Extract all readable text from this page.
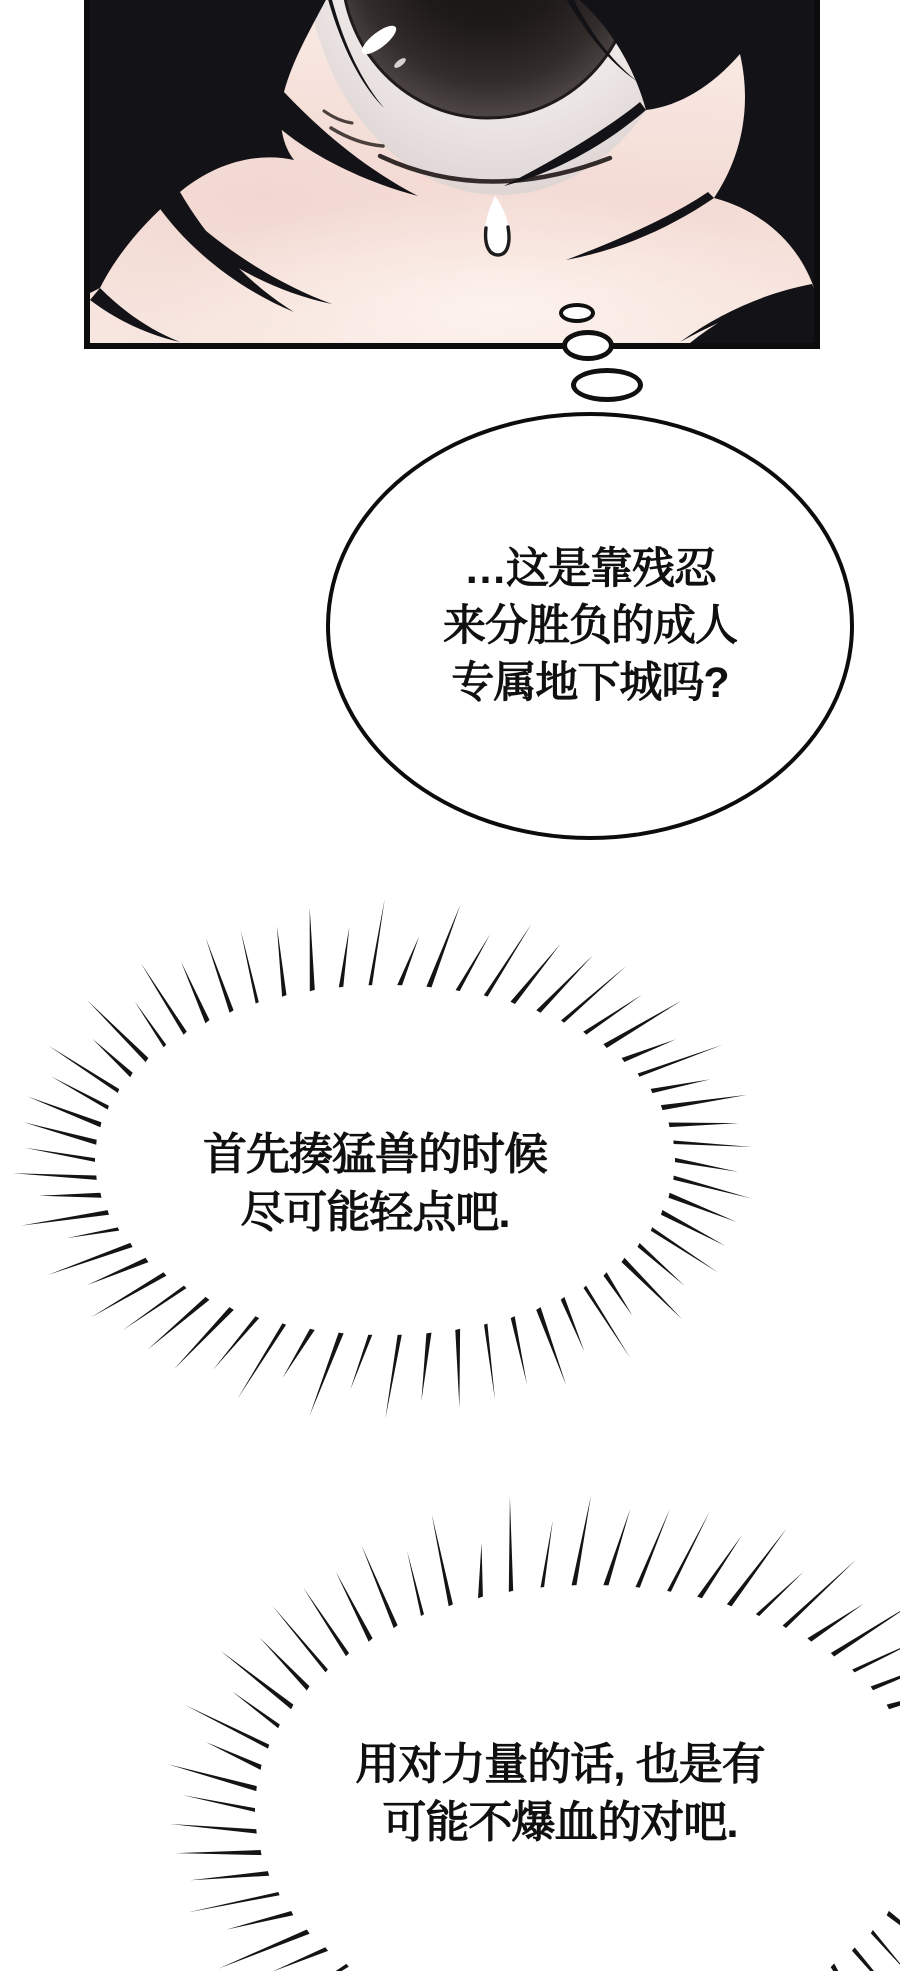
…这是靠残忍
来分胜负的成人
专属地下城吗?
首先揍猛兽的时候
尽可能轻点吧.
用对力量的话, 也是有
可能不爆血的对吧.
